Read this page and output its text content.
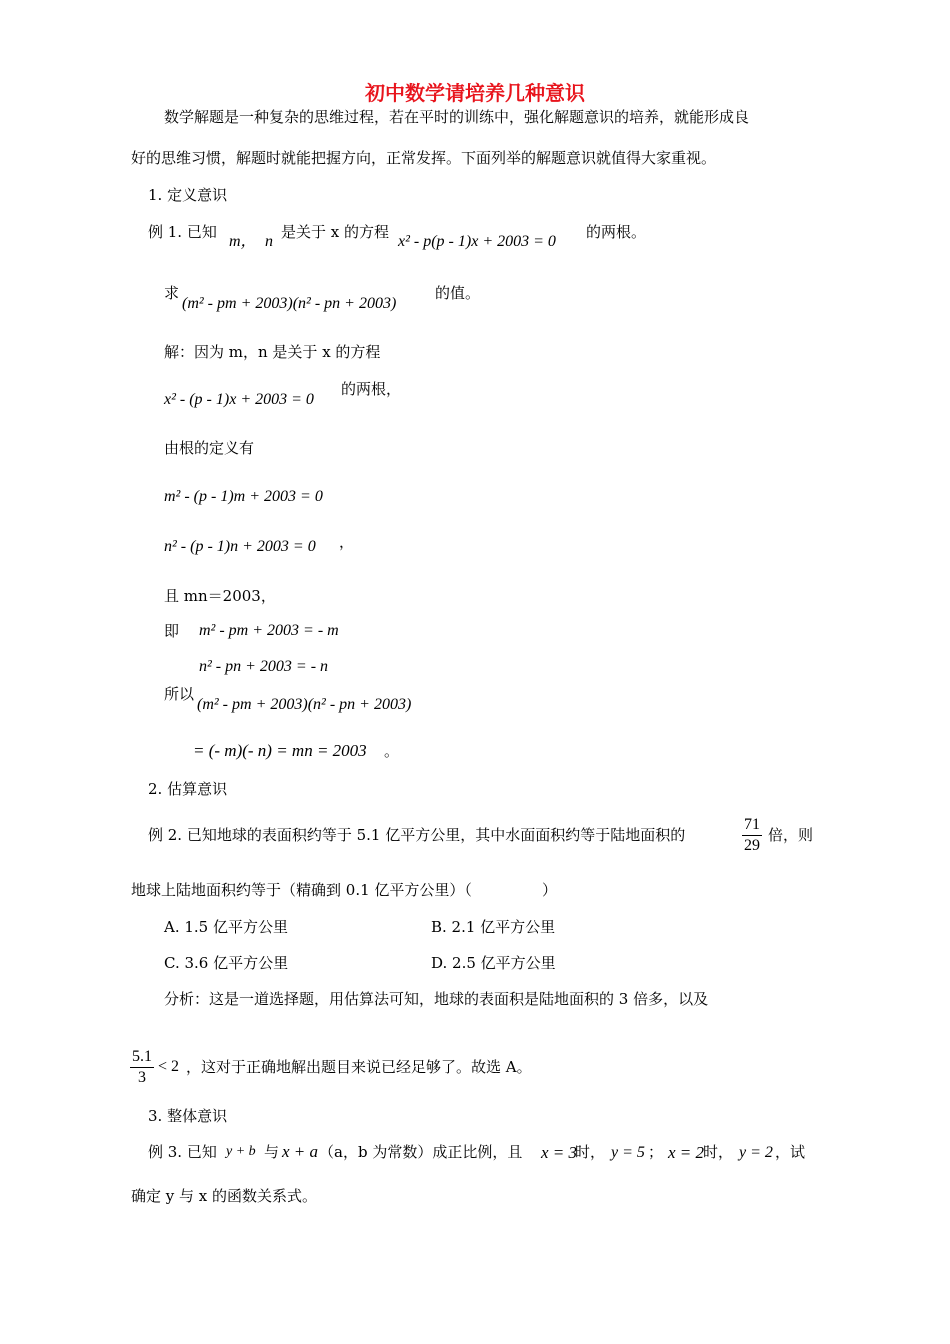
初中数学请培养几种意识
数学解题是一种复杂的思维过程，若在平时的训练中，强化解题意识的培养，就能形成良
好的思维习惯，解题时就能把握方向，正常发挥。下面列举的解题意识就值得大家重视。
1. 定义意识
例 1. 已知
m， n
是关于 x 的方程
x² - p(p - 1)x + 2003 = 0
的两根。
求
(m² - pm + 2003)(n² - pn + 2003)
的值。
解：因为 m，n 是关于 x 的方程
x² - (p - 1)x + 2003 = 0
的两根，
由根的定义有
m² - (p - 1)m + 2003 = 0
n² - (p - 1)n + 2003 = 0 ，
且 mn＝2003，
即 m² - pm + 2003 = - m
n² - pn + 2003 = - n
所以
(m² - pm + 2003)(n² - pn + 2003)
= (- m)(- n) = mn = 2003 。
2. 估算意识
例 2. 已知地球的表面积约等于 5.1 亿平方公里，其中水面面积约等于陆地面积的	$\frac{71}{29}$ 倍，则
地球上陆地面积约等于（精确到 0.1 亿平方公里）（	）
A. 1.5 亿平方公里	B. 2.1 亿平方公里
C. 3.6 亿平方公里	D. 2.5 亿平方公里
分析：这是一道选择题，用估算法可知，地球的表面积是陆地面积的 3 倍多，以及
$\frac{5.1}{3} < 2$ ，这对于正确地解出题目来说已经足够了。故选 A。
3. 整体意识
例 3. 已知 y + b 与 x + a （a，b 为常数）成正比例，且 x = 3
时， y = 5 ； x = 2
时， y = 2 ，试
确定 y 与 x 的函数关系式。
